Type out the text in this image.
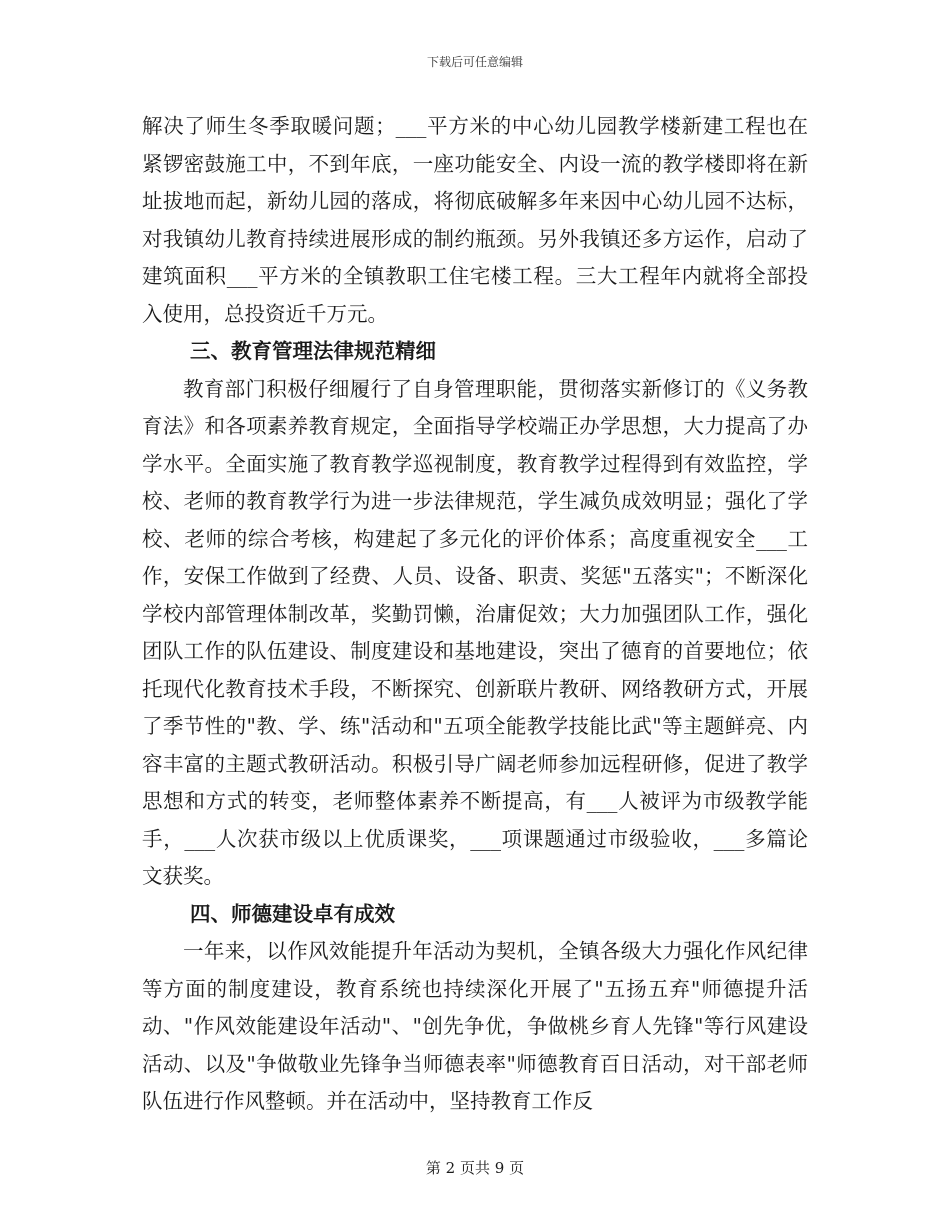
下载后可任意编辑

解决了师生冬季取暖问题；___平方米的中心幼儿园教学楼新建工程也在紧锣密鼓施工中，不到年底，一座功能安全、内设一流的教学楼即将在新址拔地而起，新幼儿园的落成，将彻底破解多年来因中心幼儿园不达标，对我镇幼儿教育持续进展形成的制约瓶颈。另外我镇还多方运作，启动了建筑面积___平方米的全镇教职工住宅楼工程。三大工程年内就将全部投入使用，总投资近千万元。

三、教育管理法律规范精细

教育部门积极仔细履行了自身管理职能，贯彻落实新修订的《义务教育法》和各项素养教育规定，全面指导学校端正办学思想，大力提高了办学水平。全面实施了教育教学巡视制度，教育教学过程得到有效监控，学校、老师的教育教学行为进一步法律规范，学生减负成效明显；强化了学校、老师的综合考核，构建起了多元化的评价体系；高度重视安全___工作，安保工作做到了经费、人员、设备、职责、奖惩"五落实"；不断深化学校内部管理体制改革，奖勤罚懒，治庸促效；大力加强团队工作，强化团队工作的队伍建设、制度建设和基地建设，突出了德育的首要地位；依托现代化教育技术手段，不断探究、创新联片教研、网络教研方式，开展了季节性的"教、学、练"活动和"五项全能教学技能比武"等主题鲜亮、内容丰富的主题式教研活动。积极引导广阔老师参加远程研修，促进了教学思想和方式的转变，老师整体素养不断提高，有___人被评为市级教学能手，___人次获市级以上优质课奖，___项课题通过市级验收，___多篇论文获奖。

四、师德建设卓有成效

一年来，以作风效能提升年活动为契机，全镇各级大力强化作风纪律等方面的制度建设，教育系统也持续深化开展了"五扬五弃"师德提升活动、"作风效能建设年活动"、"创先争优，争做桃乡育人先锋"等行风建设活动、以及"争做敬业先锋争当师德表率"师德教育百日活动，对干部老师队伍进行作风整顿。并在活动中，坚持教育工作反

第 2 页共 9 页
